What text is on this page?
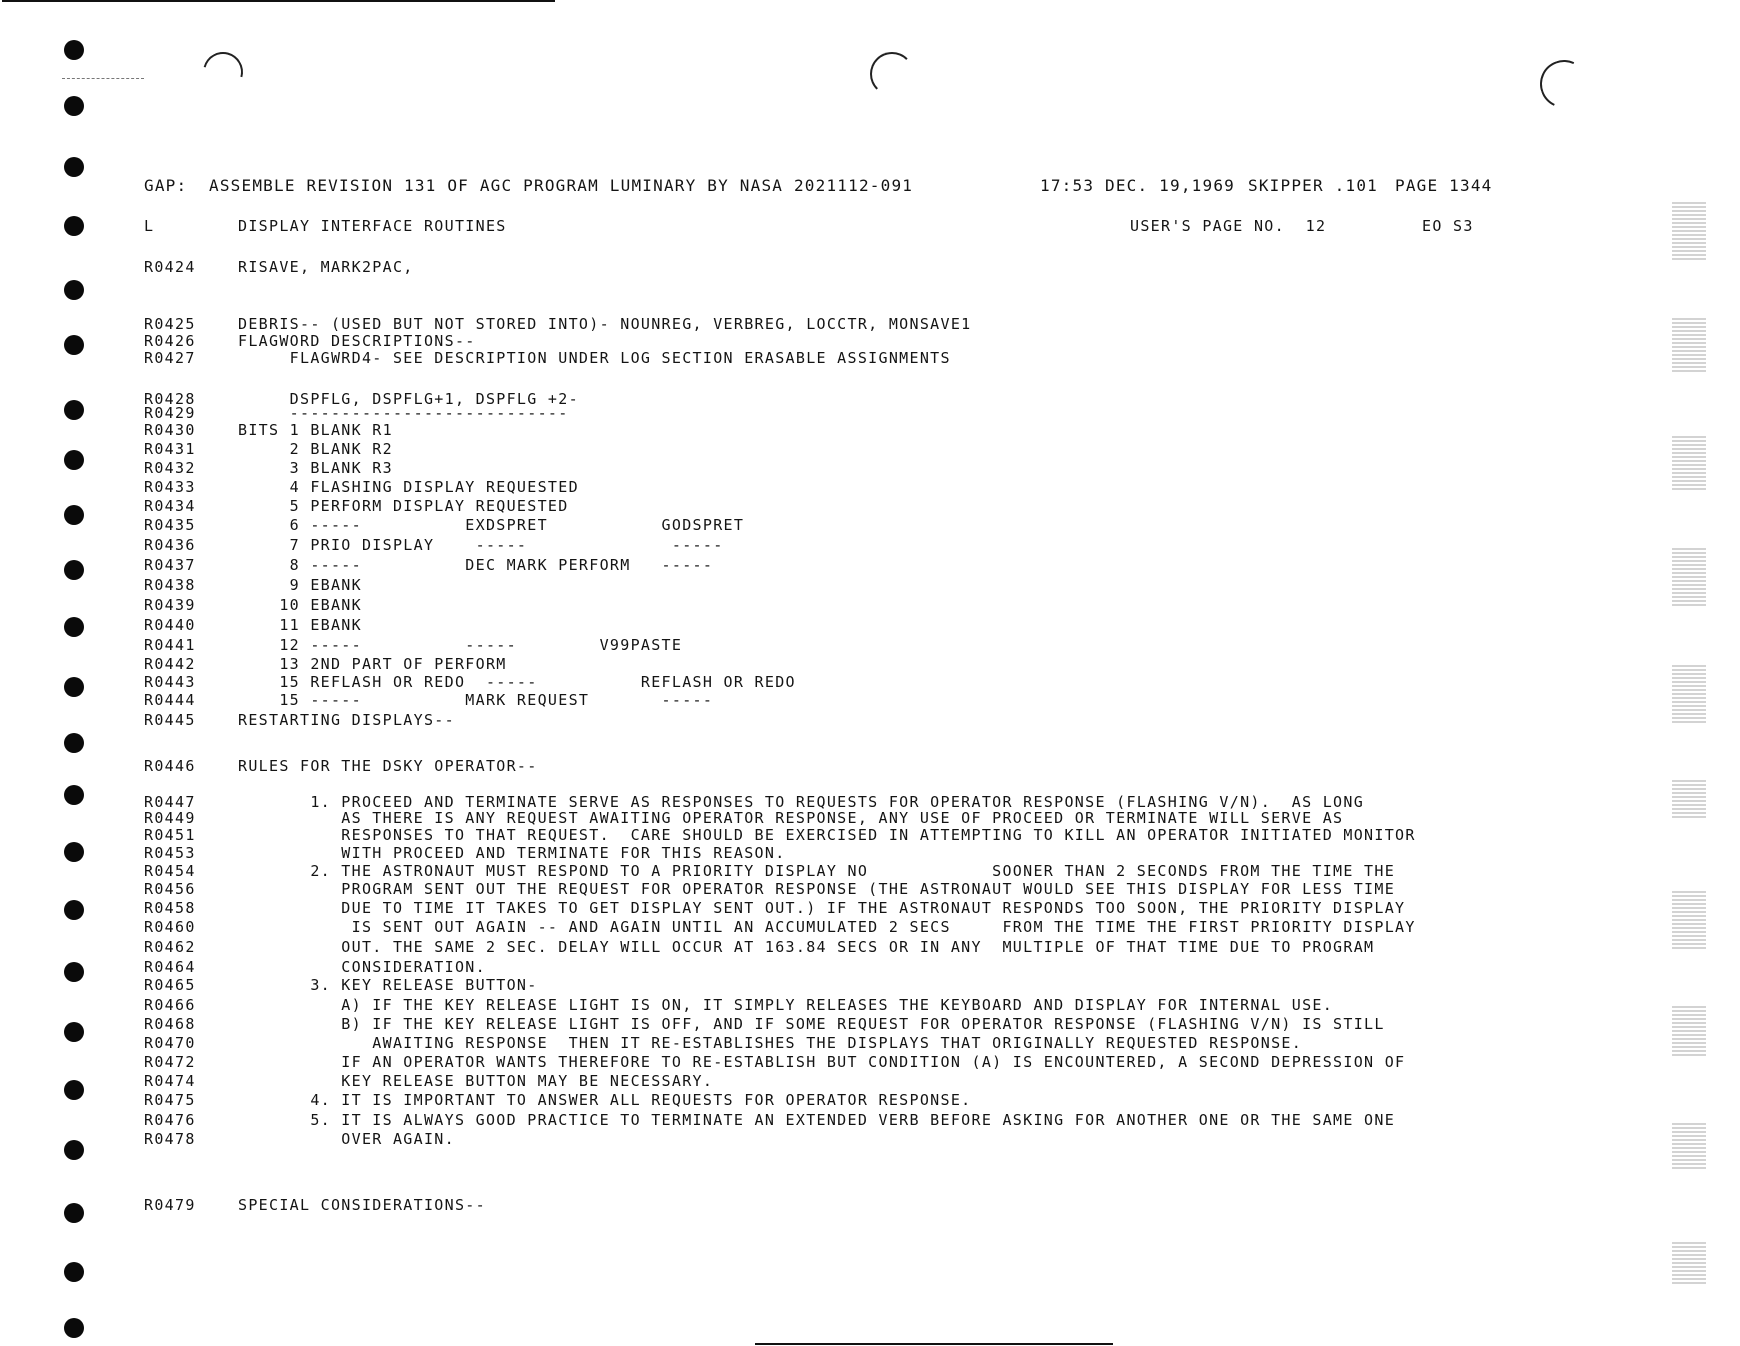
GAP:  ASSEMBLE REVISION 131 OF AGC PROGRAM LUMINARY BY NASA 2021112-091	17:53 DEC. 19,1969 SKIPPER .101 PAGE 1344
L	DISPLAY INTERFACE ROUTINES	USER'S PAGE NO.  12	EO S3
R0424	RISAVE, MARK2PAC,
R0425	DEBRIS-- (USED BUT NOT STORED INTO)- NOUNREG, VERBREG, LOCCTR, MONSAVE1
R0426	FLAGWORD DESCRIPTIONS--
R0427	FLAGWRD4- SEE DESCRIPTION UNDER LOG SECTION ERASABLE ASSIGNMENTS
R0428	DSPFLG, DSPFLG+1, DSPFLG +2-
R0429	---------------------------
R0430	BITS 1 BLANK R1
R0431	2 BLANK R2
R0432	3 BLANK R3
R0433	4 FLASHING DISPLAY REQUESTED
R0434	5 PERFORM DISPLAY REQUESTED
R0435	6 -----          EXDSPRET           GODSPRET
R0436	7 PRIO DISPLAY    -----              -----
R0437	8 -----          DEC MARK PERFORM   -----
R0438	9 EBANK
R0439	10 EBANK
R0440	11 EBANK
R0441	12 -----          -----        V99PASTE
R0442	13 2ND PART OF PERFORM
R0443	15 REFLASH OR REDO  -----          REFLASH OR REDO
R0444	15 -----          MARK REQUEST       -----
R0445	RESTARTING DISPLAYS--
R0446	RULES FOR THE DSKY OPERATOR--
R0447	1. PROCEED AND TERMINATE SERVE AS RESPONSES TO REQUESTS FOR OPERATOR RESPONSE (FLASHING V/N).  AS LONG
R0449	AS THERE IS ANY REQUEST AWAITING OPERATOR RESPONSE, ANY USE OF PROCEED OR TERMINATE WILL SERVE AS
R0451	RESPONSES TO THAT REQUEST.  CARE SHOULD BE EXERCISED IN ATTEMPTING TO KILL AN OPERATOR INITIATED MONITOR
R0453	WITH PROCEED AND TERMINATE FOR THIS REASON.
R0454	2. THE ASTRONAUT MUST RESPOND TO A PRIORITY DISPLAY NO            SOONER THAN 2 SECONDS FROM THE TIME THE
R0456	PROGRAM SENT OUT THE REQUEST FOR OPERATOR RESPONSE (THE ASTRONAUT WOULD SEE THIS DISPLAY FOR LESS TIME
R0458	DUE TO TIME IT TAKES TO GET DISPLAY SENT OUT.) IF THE ASTRONAUT RESPONDS TOO SOON, THE PRIORITY DISPLAY
R0460	IS SENT OUT AGAIN -- AND AGAIN UNTIL AN ACCUMULATED 2 SECS     FROM THE TIME THE FIRST PRIORITY DISPLAY
R0462	OUT. THE SAME 2 SEC. DELAY WILL OCCUR AT 163.84 SECS OR IN ANY  MULTIPLE OF THAT TIME DUE TO PROGRAM
R0464	CONSIDERATION.
R0465	3. KEY RELEASE BUTTON-
R0466	A) IF THE KEY RELEASE LIGHT IS ON, IT SIMPLY RELEASES THE KEYBOARD AND DISPLAY FOR INTERNAL USE.
R0468	B) IF THE KEY RELEASE LIGHT IS OFF, AND IF SOME REQUEST FOR OPERATOR RESPONSE (FLASHING V/N) IS STILL
R0470	AWAITING RESPONSE  THEN IT RE-ESTABLISHES THE DISPLAYS THAT ORIGINALLY REQUESTED RESPONSE.
R0472	IF AN OPERATOR WANTS THEREFORE TO RE-ESTABLISH BUT CONDITION (A) IS ENCOUNTERED, A SECOND DEPRESSION OF
R0474	KEY RELEASE BUTTON MAY BE NECESSARY.
R0475	4. IT IS IMPORTANT TO ANSWER ALL REQUESTS FOR OPERATOR RESPONSE.
R0476	5. IT IS ALWAYS GOOD PRACTICE TO TERMINATE AN EXTENDED VERB BEFORE ASKING FOR ANOTHER ONE OR THE SAME ONE
R0478	OVER AGAIN.
R0479	SPECIAL CONSIDERATIONS--
